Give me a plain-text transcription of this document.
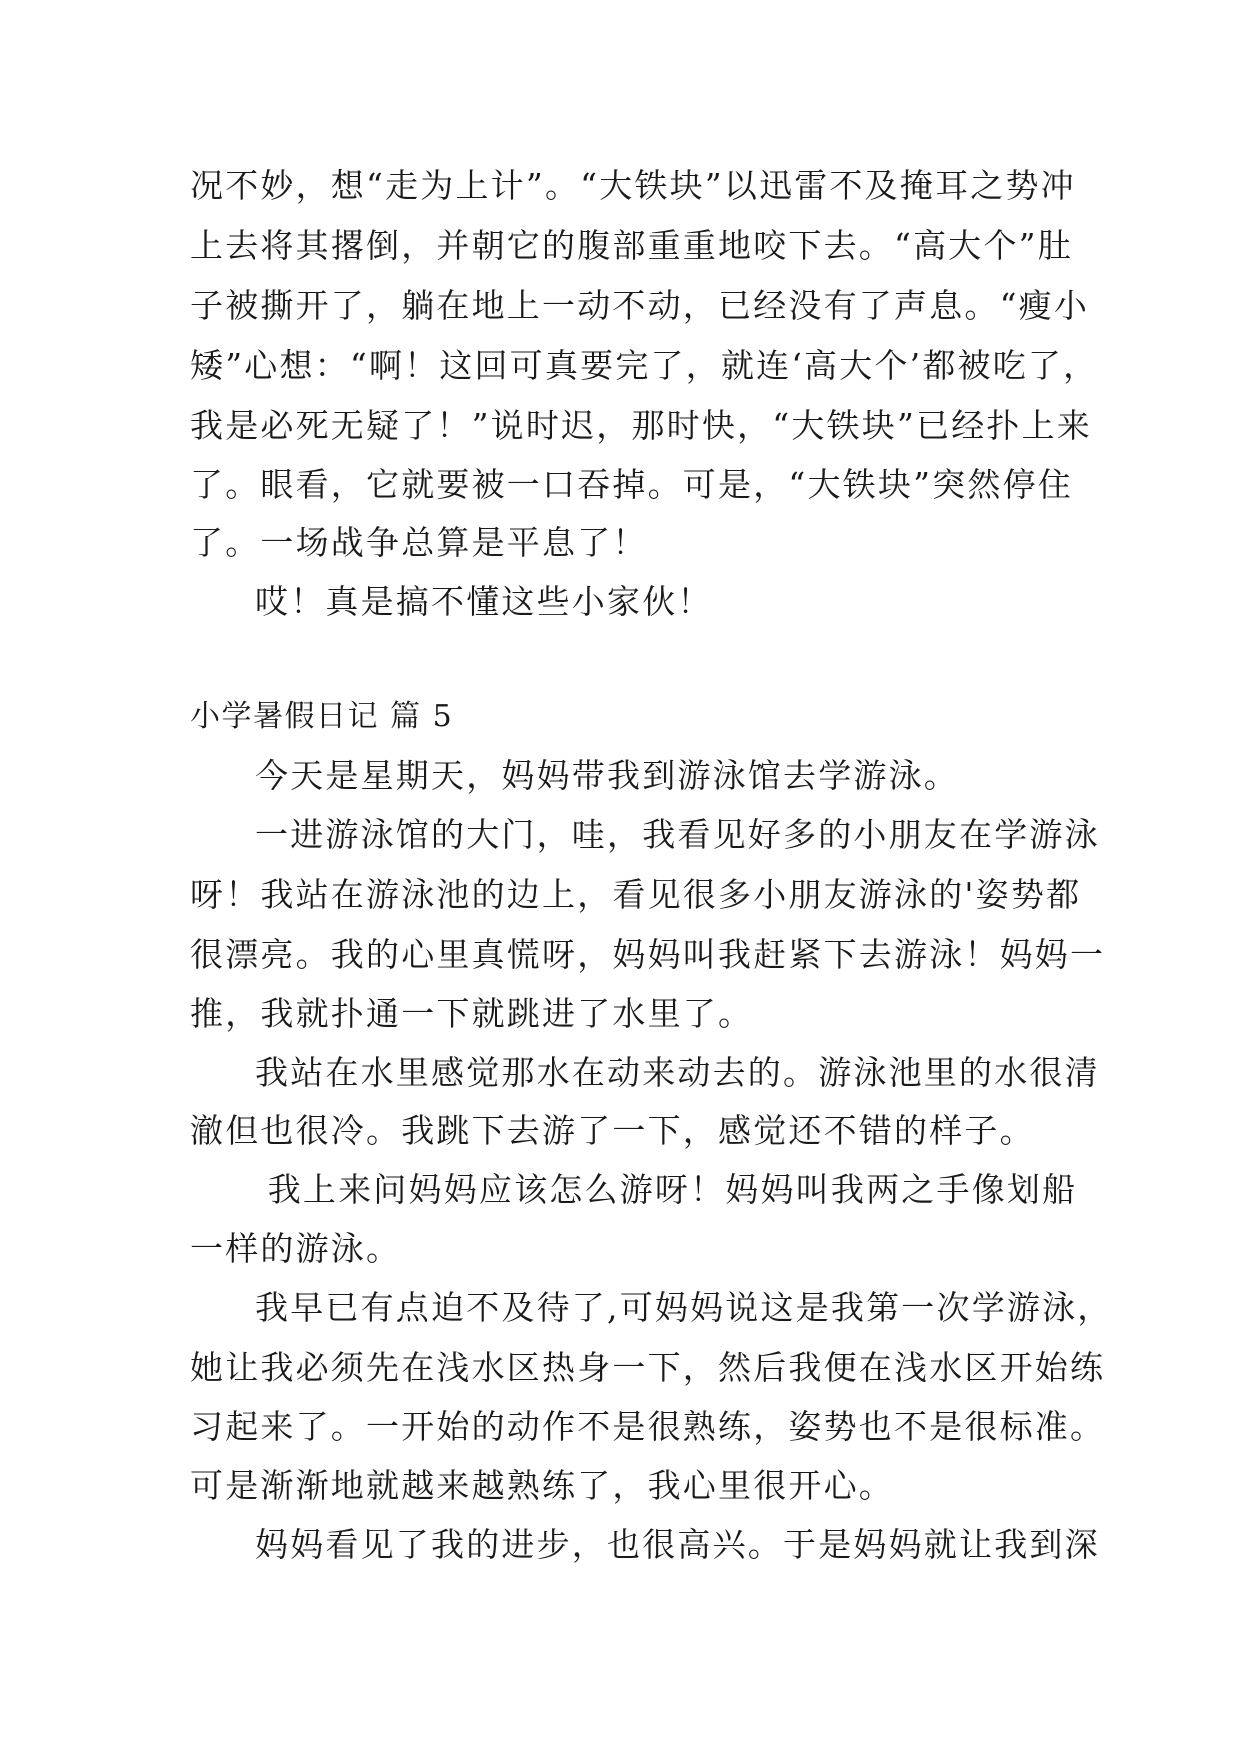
况不妙，想“走为上计”。“大铁块”以迅雷不及掩耳之势冲
上去将其撂倒，并朝它的腹部重重地咬下去。“高大个”肚
子被撕开了，躺在地上一动不动，已经没有了声息。“瘦小
矮”心想：“啊！这回可真要完了，就连‘高大个’都被吃了，
我是必死无疑了！”说时迟，那时快，“大铁块”已经扑上来
了。眼看，它就要被一口吞掉。可是，“大铁块”突然停住
了。一场战争总算是平息了！
哎！真是搞不懂这些小家伙！
小学暑假日记 篇 5
今天是星期天，妈妈带我到游泳馆去学游泳。
一进游泳馆的大门，哇，我看见好多的小朋友在学游泳
呀！我站在游泳池的边上，看见很多小朋友游泳的'姿势都
很漂亮。我的心里真慌呀，妈妈叫我赶紧下去游泳！妈妈一
推，我就扑通一下就跳进了水里了。
我站在水里感觉那水在动来动去的。游泳池里的水很清
澈但也很冷。我跳下去游了一下，感觉还不错的样子。
我上来问妈妈应该怎么游呀！妈妈叫我两之手像划船
一样的游泳。
我早已有点迫不及待了,可妈妈说这是我第一次学游泳，
她让我必须先在浅水区热身一下，然后我便在浅水区开始练
习起来了。一开始的动作不是很熟练，姿势也不是很标准。
可是渐渐地就越来越熟练了，我心里很开心。
妈妈看见了我的进步，也很高兴。于是妈妈就让我到深
